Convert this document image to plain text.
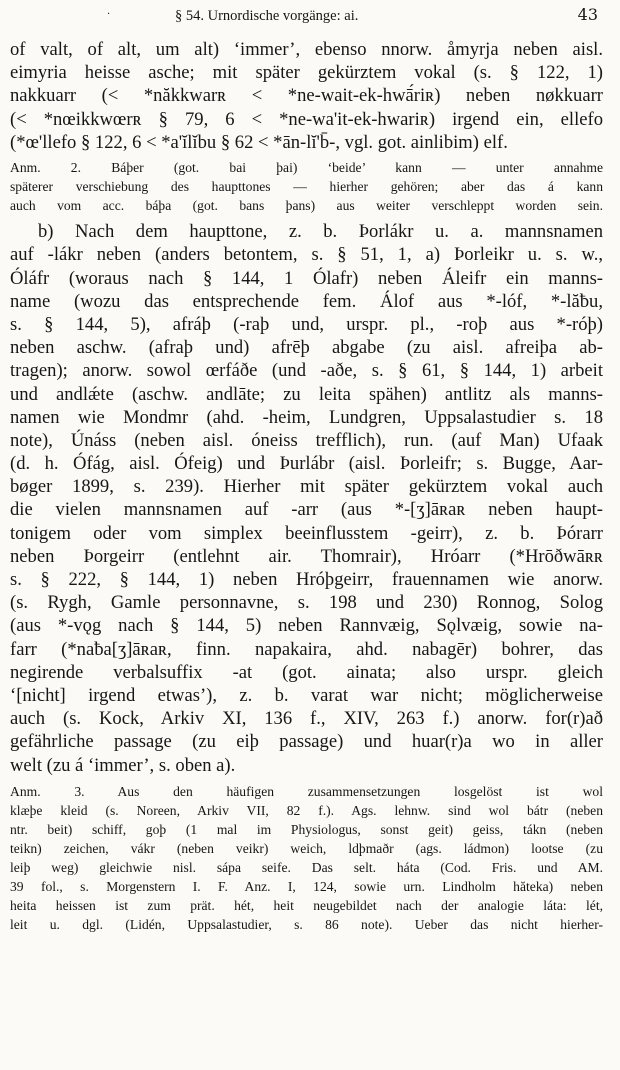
·	§ 54. Urnordische vorgänge: ai.	43
of valt, of alt, um alt) ‘immer’, ebenso nnorw. åmyrja neben aisl.
eimyria heisse asche; mit später gekürztem vokal (s. § 122, 1)
nakkuarr (< *năkkwarʀ < *ne-wait-ek-hwā́riʀ) neben nøkkuarr
(< *nœikkwœrʀ § 79, 6 < *ne-wa'it-ek-hwariʀ) irgend ein, ellefo
(*œ'llefo § 122, 6 < *a'ĭlĭbu § 62 < *ān-lĭ'b̄-, vgl. got. ainlibim) elf.
Anm. 2. Báþer (got. bai þai) ‘beide’ kann — unter annahme
späterer verschiebung des haupttones — hierher gehören; aber das á kann
auch vom acc. báþa (got. bans þans) aus weiter verschleppt worden sein.
b) Nach dem haupttone, z. b. Þorlákr u. a. mannsnamen
auf -lákr neben (anders betontem, s. § 51, 1, a) Þorleikr u. s. w.,
Óláfr (woraus nach § 144, 1 Ólafr) neben Áleifr ein manns-
name (wozu das entsprechende fem. Álof aus *-lóf, *-lăƀu,
s. § 144, 5), afráþ (-raþ und, urspr. pl., -roþ aus *-róþ)
neben aschw. (afraþ und) afrēþ abgabe (zu aisl. afreiþa ab-
tragen); anorw. sowol œrfáðe (und -aðe, s. § 61, § 144, 1) arbeit
und andlǽte (aschw. andlāte; zu leita spähen) antlitz als manns-
namen wie Mondmr (ahd. -heim, Lundgren, Uppsalastudier s. 18
note), Únáss (neben aisl. óneiss trefflich), run. (auf Man) Ufaak
(d. h. Ófág, aisl. Ófeig) und Þurlábr (aisl. Þorleifr; s. Bugge, Aar-
bøger 1899, s. 239). Hierher mit später gekürztem vokal auch
die vielen mannsnamen auf -arr (aus *-[ʒ]āʀaʀ neben haupt-
tonigem oder vom simplex beeinflusstem -geirr), z. b. Þórarr
neben Þorgeirr (entlehnt air. Thomrair), Hróarr (*Hrōðwāʀʀ
s. § 222, § 144, 1) neben Hróþgeirr, frauennamen wie anorw.
(s. Rygh, Gamle personnavne, s. 198 und 230) Ronnog, Solog
(aus *-vǫg nach § 144, 5) neben Rannvæig, Sǫlvæig, sowie na-
farr (*naƀa[ʒ]āʀaʀ, finn. napakaira, ahd. nabagēr) bohrer, das
negirende verbalsuffix -at (got. ainata; also urspr. gleich
‘[nicht] irgend etwas’), z. b. varat war nicht; möglicherweise
auch (s. Kock, Arkiv XI, 136 f., XIV, 263 f.) anorw. for(r)að
gefährliche passage (zu eiþ passage) und huar(r)a wo in aller
welt (zu á ‘immer’, s. oben a).
Anm. 3. Aus den häufigen zusammensetzungen losgelöst ist wol
klæþe kleid (s. Noreen, Arkiv VII, 82 f.). Ags. lehnw. sind wol bátr (neben
ntr. beit) schiff, goþ (1 mal im Physiologus, sonst geit) geiss, tákn (neben
teikn) zeichen, vákr (neben veikr) weich, ldþmaðr (ags. ládmon) lootse (zu
leiþ weg) gleichwie nisl. sápa seife. Das selt. háta (Cod. Fris. und AM.
39 fol., s. Morgenstern I. F. Anz. I, 124, sowie urn. Lindholm hăteka) neben
heita heissen ist zum prät. hét, heit neugebildet nach der analogie láta: lét,
leit u. dgl. (Lidén, Uppsalastudier, s. 86 note). Ueber das nicht hierher-
